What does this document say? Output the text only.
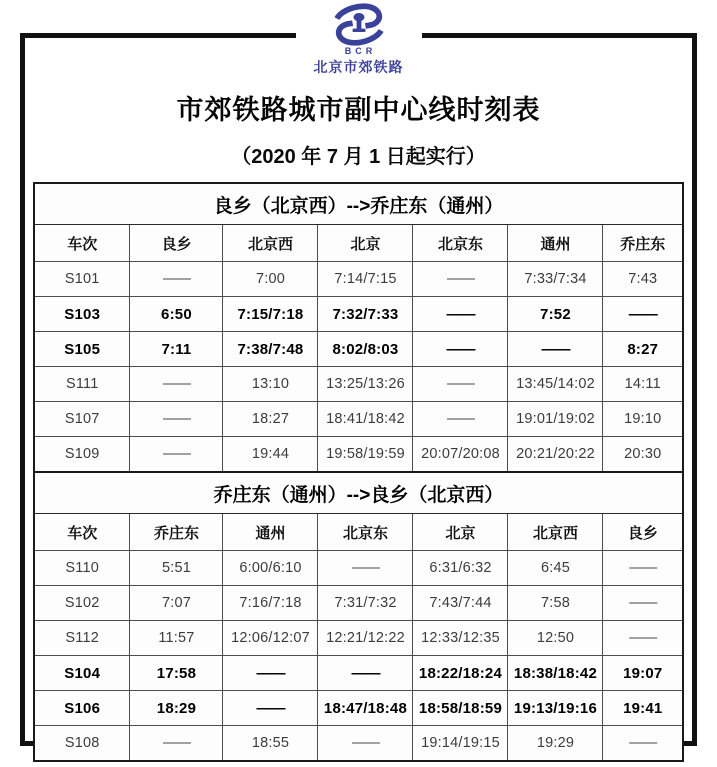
BCR
北京市郊铁路
市郊铁路城市副中心线时刻表
（2020 年 7 月 1 日起实行）
良乡（北京西）-->乔庄东（通州）						
车次	良乡	北京西	北京	北京东	通州	乔庄东
S101	——	7:00	7:14/7:15	——	7:33/7:34	7:43
S103	6:50	7:15/7:18	7:32/7:33	——	7:52	——
S105	7:11	7:38/7:48	8:02/8:03	——	——	8:27
S111	——	13:10	13:25/13:26	——	13:45/14:02	14:11
S107	——	18:27	18:41/18:42	——	19:01/19:02	19:10
S109	——	19:44	19:58/19:59	20:07/20:08	20:21/20:22	20:30
乔庄东（通州）-->良乡（北京西）						
车次	乔庄东	通州	北京东	北京	北京西	良乡
S110	5:51	6:00/6:10	——	6:31/6:32	6:45	——
S102	7:07	7:16/7:18	7:31/7:32	7:43/7:44	7:58	——
S112	11:57	12:06/12:07	12:21/12:22	12:33/12:35	12:50	——
S104	17:58	——	——	18:22/18:24	18:38/18:42	19:07
S106	18:29	——	18:47/18:48	18:58/18:59	19:13/19:16	19:41
S108	——	18:55	——	19:14/19:15	19:29	——
